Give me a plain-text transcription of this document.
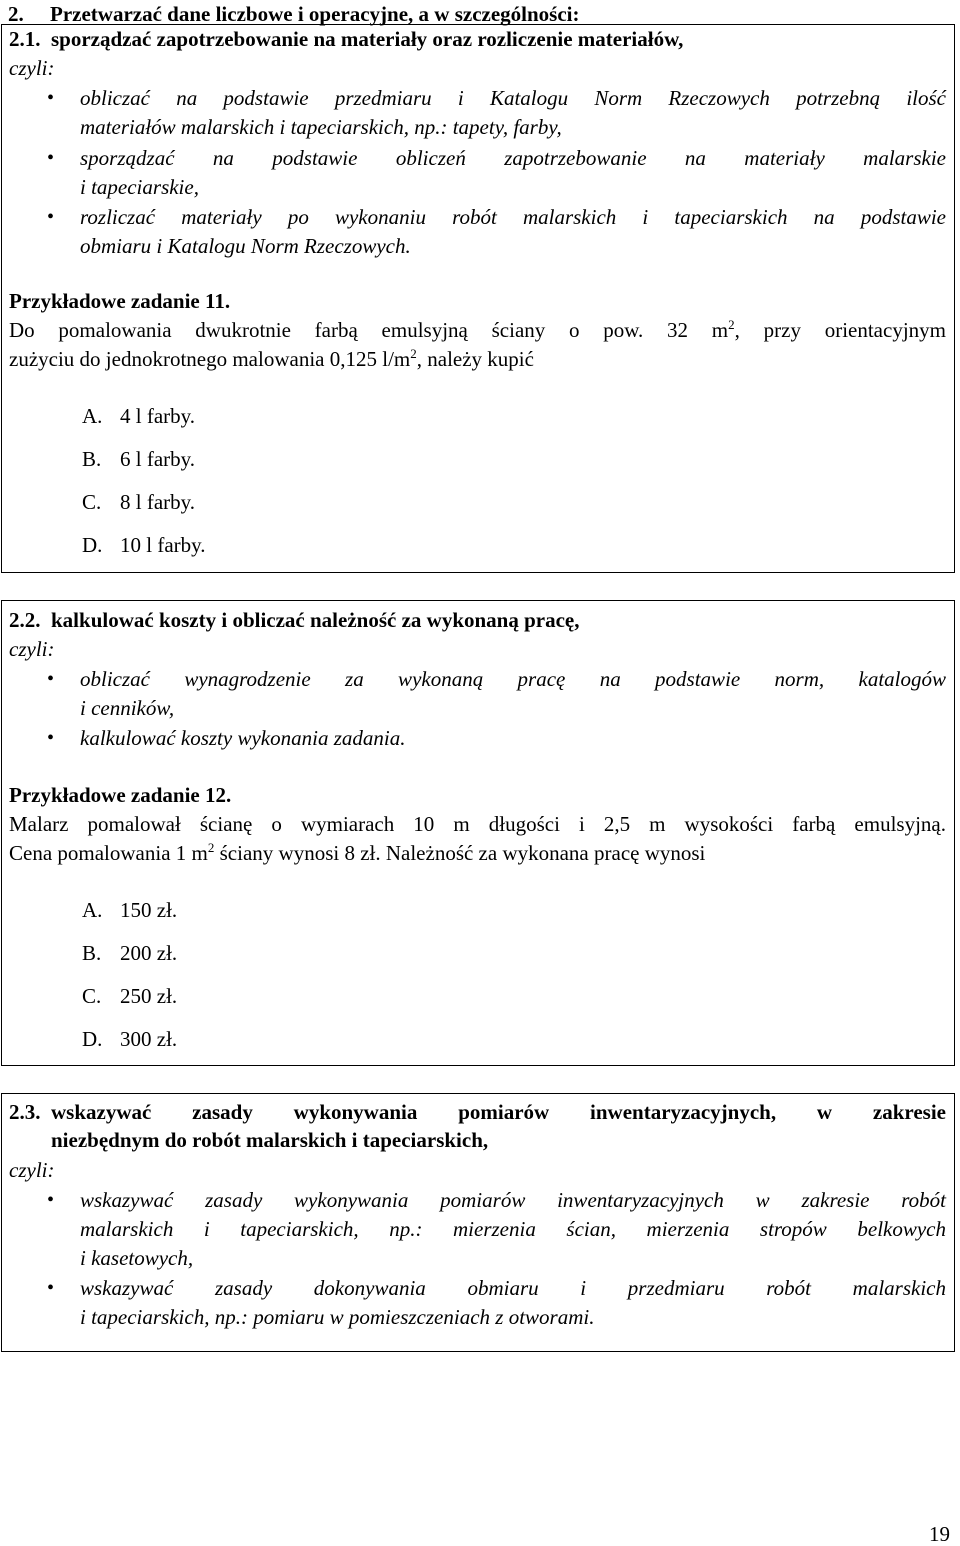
2. Przetwarzać dane liczbowe i operacyjne, a w szczególności:
2.1. sporządzać zapotrzebowanie na materiały oraz rozliczenie materiałów,
czyli:
• obliczać na podstawie przedmiaru i Katalogu Norm Rzeczowych potrzebną ilość
materiałów malarskich i tapeciarskich, np.: tapety, farby,
• sporządzać na podstawie obliczeń zapotrzebowanie na materiały malarskie
i tapeciarskie,
• rozliczać materiały po wykonaniu robót malarskich i tapeciarskich na podstawie
obmiaru i Katalogu Norm Rzeczowych.
Przykładowe zadanie 11.
Do pomalowania dwukrotnie farbą emulsyjną ściany o pow. 32 $m^2$, przy orientacyjnym
zużyciu do jednokrotnego malowania 0,125 $l/m^2$, należy kupić
A. 4 l farby.
B. 6 l farby.
C. 8 l farby.
D. 10 l farby.
2.2. kalkulować koszty i obliczać należność za wykonaną pracę,
czyli:
• obliczać wynagrodzenie za wykonaną pracę na podstawie norm, katalogów
i cenników,
• kalkulować koszty wykonania zadania.
Przykładowe zadanie 12.
Malarz pomalował ścianę o wymiarach 10 m długości i 2,5 m wysokości farbą emulsyjną.
Cena pomalowania 1 $m^2$ ściany wynosi 8 zł. Należność za wykonana pracę wynosi
A. 150 zł.
B. 200 zł.
C. 250 zł.
D. 300 zł.
2.3. wskazywać zasady wykonywania pomiarów inwentaryzacyjnych, w zakresie
niezbędnym do robót malarskich i tapeciarskich,
czyli:
• wskazywać zasady wykonywania pomiarów inwentaryzacyjnych w zakresie robót
malarskich i tapeciarskich, np.: mierzenia ścian, mierzenia stropów belkowych
i kasetowych,
• wskazywać zasady dokonywania obmiaru i przedmiaru robót malarskich
i tapeciarskich, np.: pomiaru w pomieszczeniach z otworami.
19
